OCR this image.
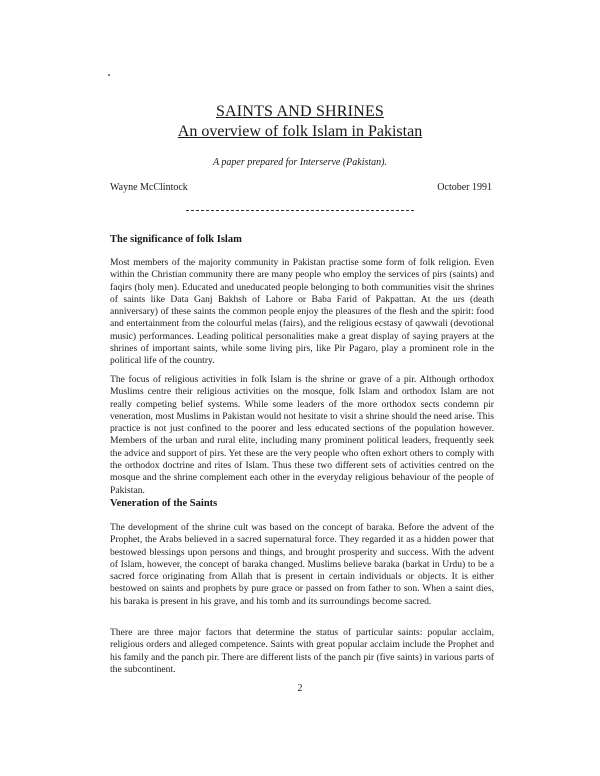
SAINTS AND SHRINES
An overview of folk Islam in Pakistan
A paper prepared for Interserve (Pakistan).
Wayne McClintock	October 1991
The significance of folk Islam

Most members of the majority community in Pakistan practise some form of folk religion. Even within the Christian community there are many people who employ the services of pirs (saints) and faqirs (holy men). Educated and uneducated people belonging to both communities visit the shrines of saints like Data Ganj Bakhsh of Lahore or Baba Farid of Pakpattan. At the urs (death anniversary) of these saints the common people enjoy the pleasures of the flesh and the spirit: food and entertainment from the colourful melas (fairs), and the religious ecstasy of qawwali (devotional music) performances. Leading political personalities make a great display of saying prayers at the shrines of important saints, while some living pirs, like Pir Pagaro, play a prominent role in the political life of the country.

The focus of religious activities in folk Islam is the shrine or grave of a pir. Although orthodox Muslims centre their religious activities on the mosque, folk Islam and orthodox Islam are not really competing belief systems. While some leaders of the more orthodox sects condemn pir veneration, most Muslims in Pakistan would not hesitate to visit a shrine should the need arise. This practice is not just confined to the poorer and less educated sections of the population however. Members of the urban and rural elite, including many prominent political leaders, frequently seek the advice and support of pirs. Yet these are the very people who often exhort others to comply with the orthodox doctrine and rites of Islam. Thus these two different sets of activities centred on the mosque and the shrine complement each other in the everyday religious behaviour of the people of Pakistan.

Veneration of the Saints

The development of the shrine cult was based on the concept of baraka. Before the advent of the Prophet, the Arabs believed in a sacred supernatural force. They regarded it as a hidden power that bestowed blessings upon persons and things, and brought prosperity and success. With the advent of Islam, however, the concept of baraka changed. Muslims believe baraka (barkat in Urdu) to be a sacred force originating from Allah that is present in certain individuals or objects. It is either bestowed on saints and prophets by pure grace or passed on from father to son. When a saint dies, his baraka is present in his grave, and his tomb and its surroundings become sacred.

There are three major factors that determine the status of particular saints: popular acclaim, religious orders and alleged competence. Saints with great popular acclaim include the Prophet and his family and the panch pir. There are different lists of the panch pir (five saints) in various parts of the subcontinent.

2
